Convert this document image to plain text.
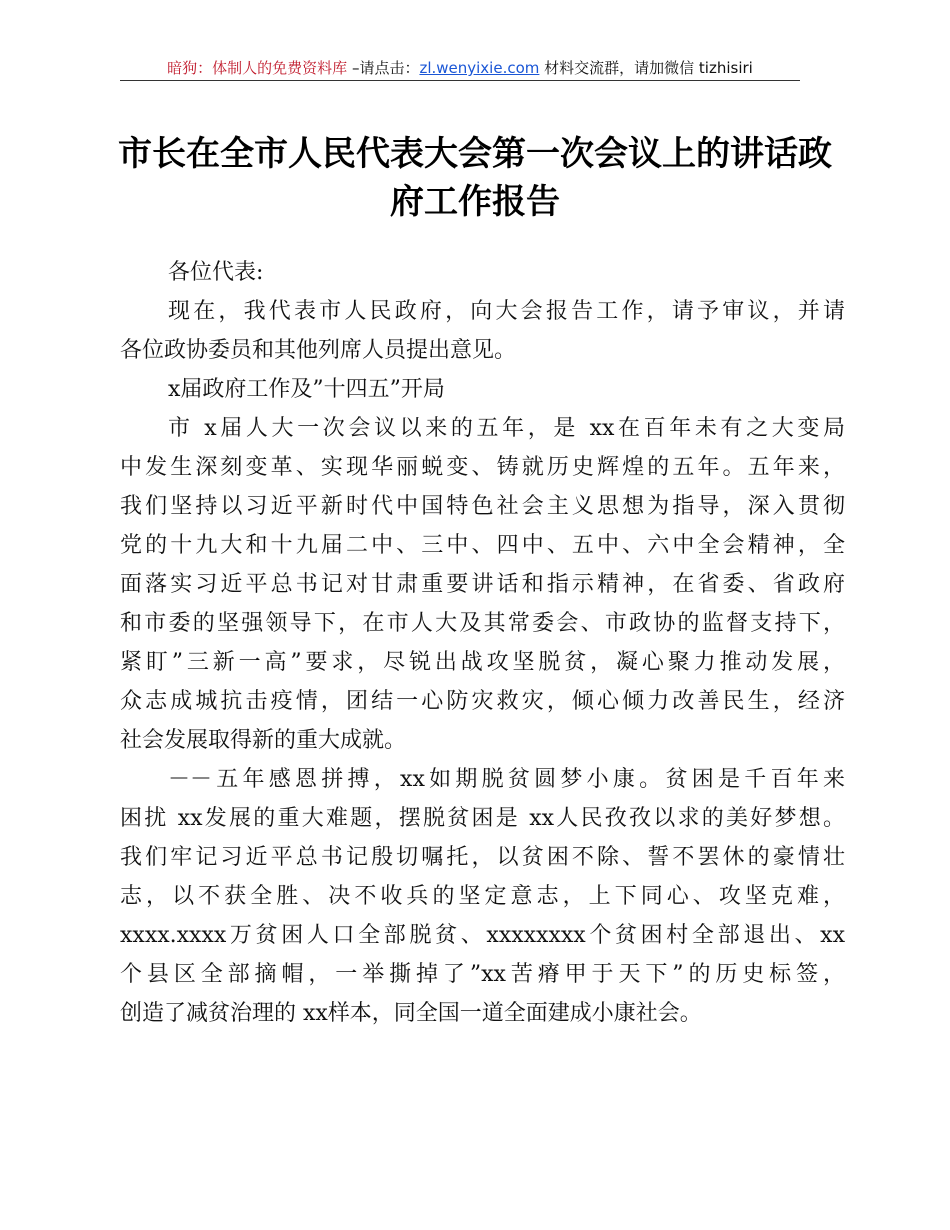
暗狗：体制人的免费资料库 –请点击：zl.wenyixie.com 材料交流群，请加微信 tizhisiri
市长在全市人民代表大会第一次会议上的讲话政
府工作报告
各位代表:
现在，我代表市人民政府，向大会报告工作，请予审议，并请
各位政协委员和其他列席人员提出意见。
x届政府工作及”十四五”开局
市 x届人大一次会议以来的五年，是 xx在百年未有之大变局
中发生深刻变革、实现华丽蜕变、铸就历史辉煌的五年。五年来，
我们坚持以习近平新时代中国特色社会主义思想为指导，深入贯彻
党的十九大和十九届二中、三中、四中、五中、六中全会精神，全
面落实习近平总书记对甘肃重要讲话和指示精神，在省委、省政府
和市委的坚强领导下，在市人大及其常委会、市政协的监督支持下，
紧盯”三新一高”要求，尽锐出战攻坚脱贫，凝心聚力推动发展，
众志成城抗击疫情，团结一心防灾救灾，倾心倾力改善民生，经济
社会发展取得新的重大成就。
－－五年感恩拼搏，xx如期脱贫圆梦小康。贫困是千百年来
困扰 xx发展的重大难题，摆脱贫困是 xx人民孜孜以求的美好梦想。
我们牢记习近平总书记殷切嘱托，以贫困不除、誓不罢休的豪情壮
志，以不获全胜、决不收兵的坚定意志，上下同心、攻坚克难，
xxxx.xxxx万贫困人口全部脱贫、xxxxxxxx个贫困村全部退出、xx
个县区全部摘帽，一举撕掉了”xx苦瘠甲于天下”的历史标签，
创造了减贫治理的 xx样本，同全国一道全面建成小康社会。
